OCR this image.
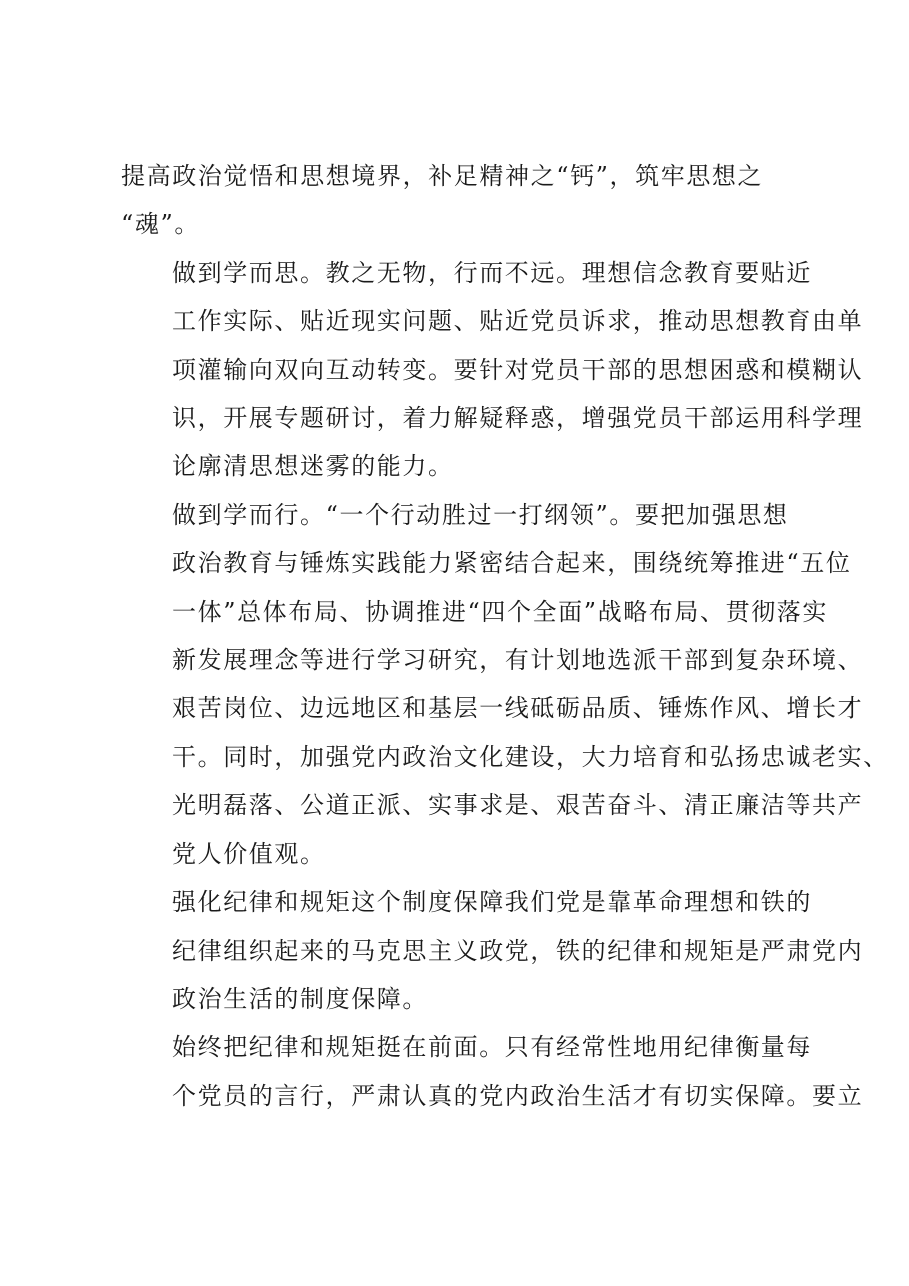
提高政治觉悟和思想境界，补足精神之“钙”，筑牢思想之
“魂”。

做到学而思。教之无物，行而不远。理想信念教育要贴近
工作实际、贴近现实问题、贴近党员诉求，推动思想教育由单
项灌输向双向互动转变。要针对党员干部的思想困惑和模糊认
识，开展专题研讨，着力解疑释惑，增强党员干部运用科学理
论廓清思想迷雾的能力。

做到学而行。“一个行动胜过一打纲领”。要把加强思想
政治教育与锤炼实践能力紧密结合起来，围绕统筹推进“五位
一体”总体布局、协调推进“四个全面”战略布局、贯彻落实
新发展理念等进行学习研究，有计划地选派干部到复杂环境、
艰苦岗位、边远地区和基层一线砥砺品质、锤炼作风、增长才
干。同时，加强党内政治文化建设，大力培育和弘扬忠诚老实、
光明磊落、公道正派、实事求是、艰苦奋斗、清正廉洁等共产
党人价值观。

强化纪律和规矩这个制度保障我们党是靠革命理想和铁的
纪律组织起来的马克思主义政党，铁的纪律和规矩是严肃党内
政治生活的制度保障。

始终把纪律和规矩挺在前面。只有经常性地用纪律衡量每
个党员的言行，严肃认真的党内政治生活才有切实保障。要立
